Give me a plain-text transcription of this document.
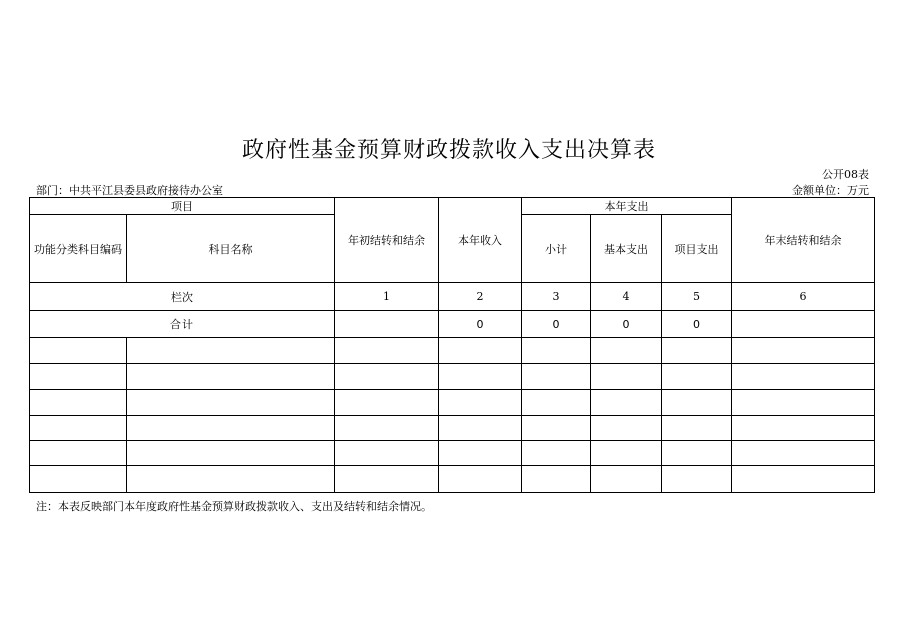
政府性基金预算财政拨款收入支出决算表
公开08表
部门：中共平江县委县政府接待办公室	金额单位：万元
项目		年初结转和结余	本年收入	本年支出			年末结转和结余
功能分类科目编码	科目名称			小计	基本支出	项目支出	
栏次		1	2	3	4	5	6
合计			0	0	0	0	

注：本表反映部门本年度政府性基金预算财政拨款收入、支出及结转和结余情况。
